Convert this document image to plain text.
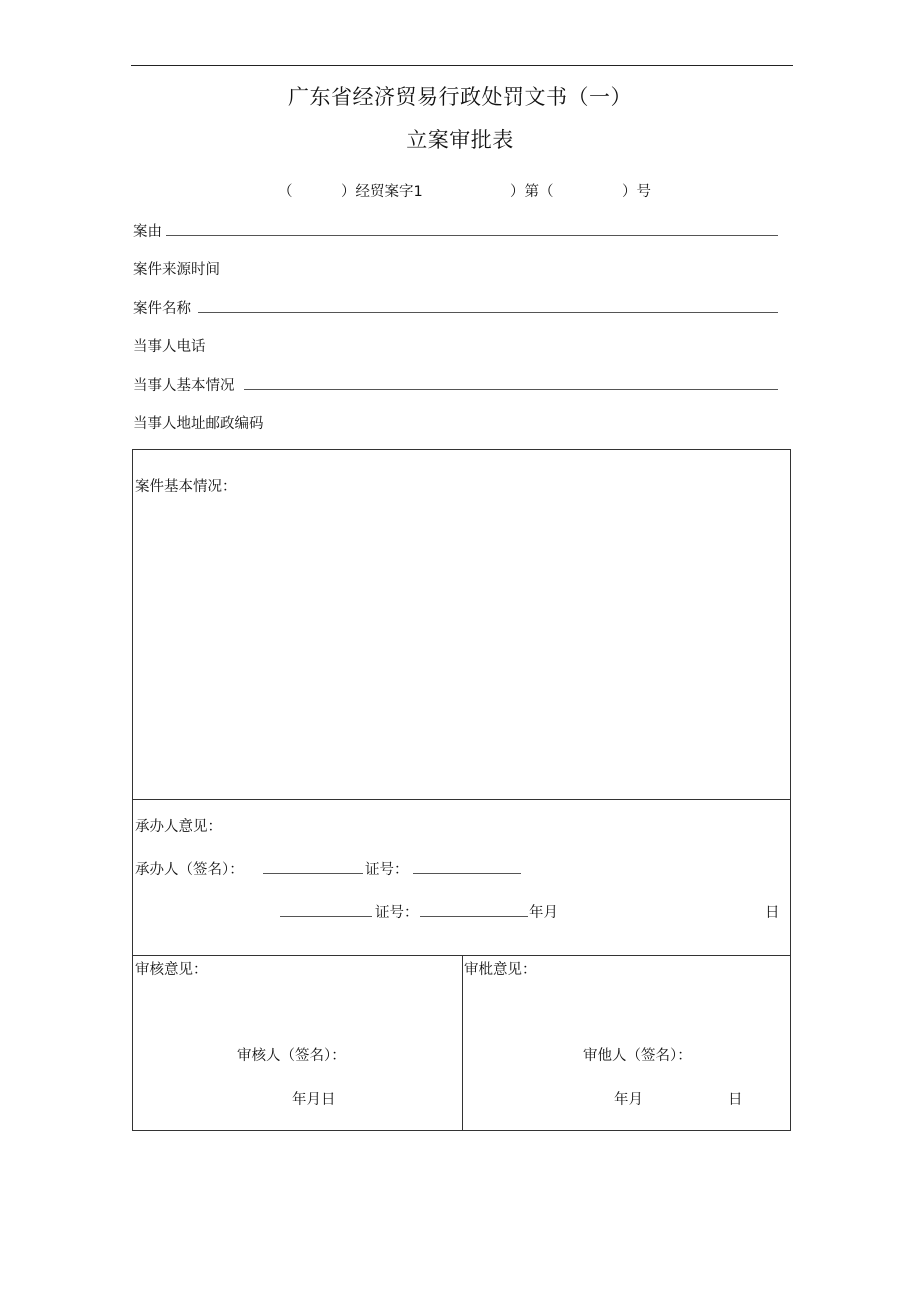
广东省经济贸易行政处罚文书（一）
立案审批表
（	）经贸案字1	）第（	）号
案由
案件来源时间
案件名称
当事人电话
当事人基本情况
当事人地址邮政编码
案件基本情况：
承办人意见：
承办人（签名）：	证号：
证号：	年月	日
审核意见：
审核人（签名）：
年月日
审枇意见：
审他人（签名）：
年月	日
